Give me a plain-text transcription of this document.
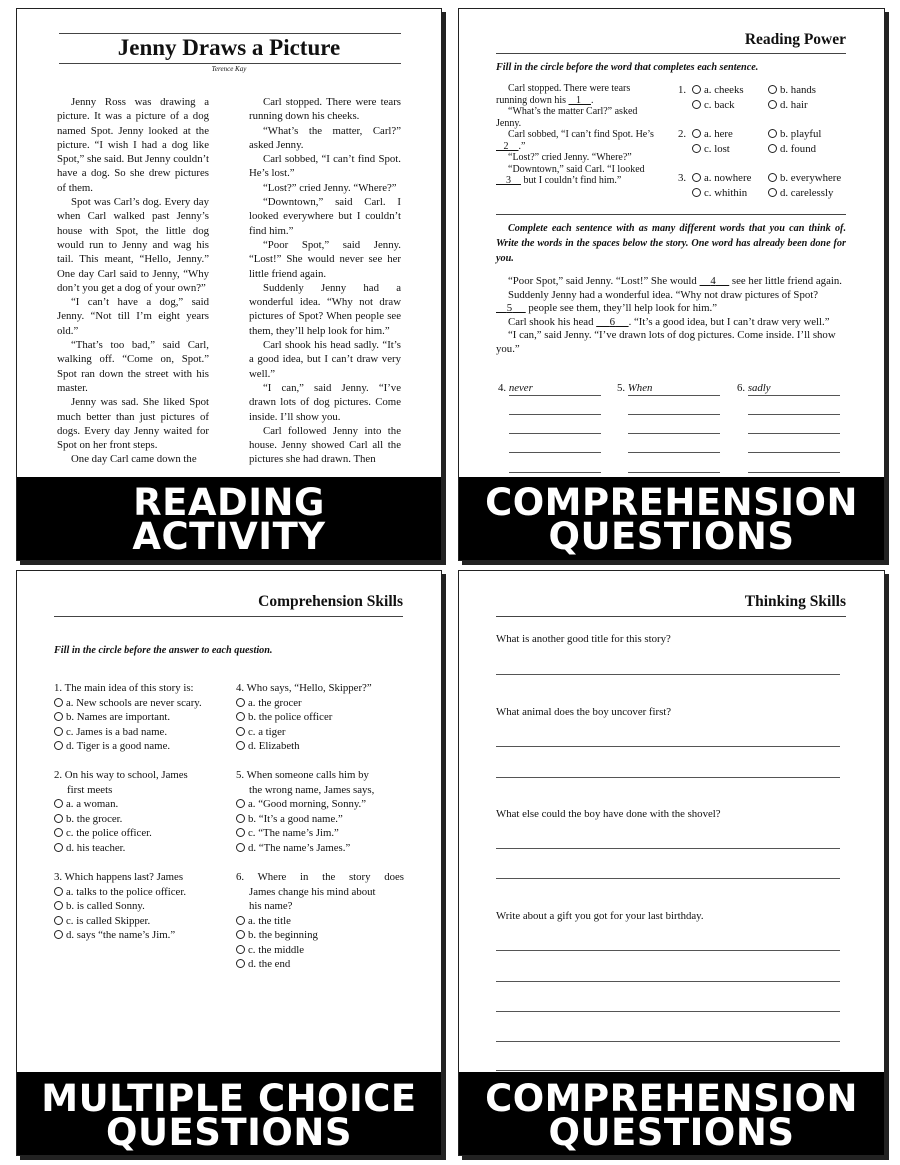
Jenny Draws a Picture
Terence Kay

Jenny Ross was drawing a picture. It was a picture of a dog named Spot. Jenny looked at the picture. “I wish I had a dog like Spot,” she said. But Jenny couldn’t have a dog. So she drew pictures of them.

Spot was Carl’s dog. Every day when Carl walked past Jenny’s house with Spot, the little dog would run to Jenny and wag his tail. This meant, “Hello, Jenny.” One day Carl said to Jenny, “Why don’t you get a dog of your own?”

“I can’t have a dog,” said Jenny. “Not till I’m eight years old.”

“That’s too bad,” said Carl, walking off. “Come on, Spot.” Spot ran down the street with his master.

Jenny was sad. She liked Spot much better than just pictures of dogs. Every day Jenny waited for Spot on her front steps.

One day Carl came down the

Carl stopped. There were tears running down his cheeks.

“What’s the matter, Carl?” asked Jenny.

Carl sobbed, “I can’t find Spot. He’s lost.”

“Lost?” cried Jenny. “Where?”

“Downtown,” said Carl. I looked everywhere but I couldn’t find him.”

“Poor Spot,” said Jenny. “Lost!” She would never see her little friend again.

Suddenly Jenny had a wonderful idea. “Why not draw pictures of Spot? When people see them, they’ll help look for him.”

Carl shook his head sadly. “It’s a good idea, but I can’t draw very well.”

“I can,” said Jenny. “I’ve drawn lots of dog pictures. Come inside. I’ll show you.

Carl followed Jenny into the house. Jenny showed Carl all the pictures she had drawn. Then

READING
ACTIVITY
Reading Power
Fill in the circle before the word that completes each sentence.
Carl stopped. There were tears running down his    1 .
“What’s the matter Carl?” asked Jenny.
Carl sobbed, “I can’t find Spot. He’s    2 .”
“Lost?” cried Jenny. “Where?”
“Downtown,” said Carl. “I looked
3     but I couldn’t find him.”
1. a. cheeks	b. hands
c. back	d. hair
2. a. here	b. playful
c. lost	d. found
3. a. nowhere	b. everywhere
c. whithin	d. carelessly
Complete each sentence with as many different words that you can think of. Write the words in the spaces below the story. One word has already been done for you.
“Poor Spot,” said Jenny. “Lost!” She would     4      see her little friend again.
Suddenly Jenny had a wonderful idea. “Why not draw pictures of Spot?     5      people see them, they’ll help look for him.”
Carl shook his head      6 . “It’s a good idea, but I can’t draw very well.”
“I can,” said Jenny. “I’ve drawn lots of dog pictures. Come inside. I’ll show you.”
4. never	5. When	6. sadly
COMPREHENSION
QUESTIONS
Comprehension Skills
Fill in the circle before the answer to each question.
1. The main idea of this story is:
a. New schools are never scary.
b. Names are important.
c. James is a bad name.
d. Tiger is a good name.
2. On his way to school, James
first meets
a. a woman.
b. the grocer.
c. the police officer.
d. his teacher.
3. Which happens last? James
a. talks to the police officer.
b. is called Sonny.
c. is called Skipper.
d. says “the name’s Jim.”
4. Who says, “Hello, Skipper?”
a. the grocer
b. the police officer
c. a tiger
d. Elizabeth
5. When someone calls him by
the wrong name, James says,
a. “Good morning, Sonny.”
b. “It’s a good name.”
c. “The name’s Jim.”
d. “The name’s James.”
6. Where in the story does
James change his mind about
his name?
a. the title
b. the beginning
c. the middle
d. the end
MULTIPLE CHOICE
QUESTIONS
Thinking Skills
What is another good title for this story?
What animal does the boy uncover first?
What else could the boy have done with the shovel?
Write about a gift you got for your last birthday.
COMPREHENSION
QUESTIONS
